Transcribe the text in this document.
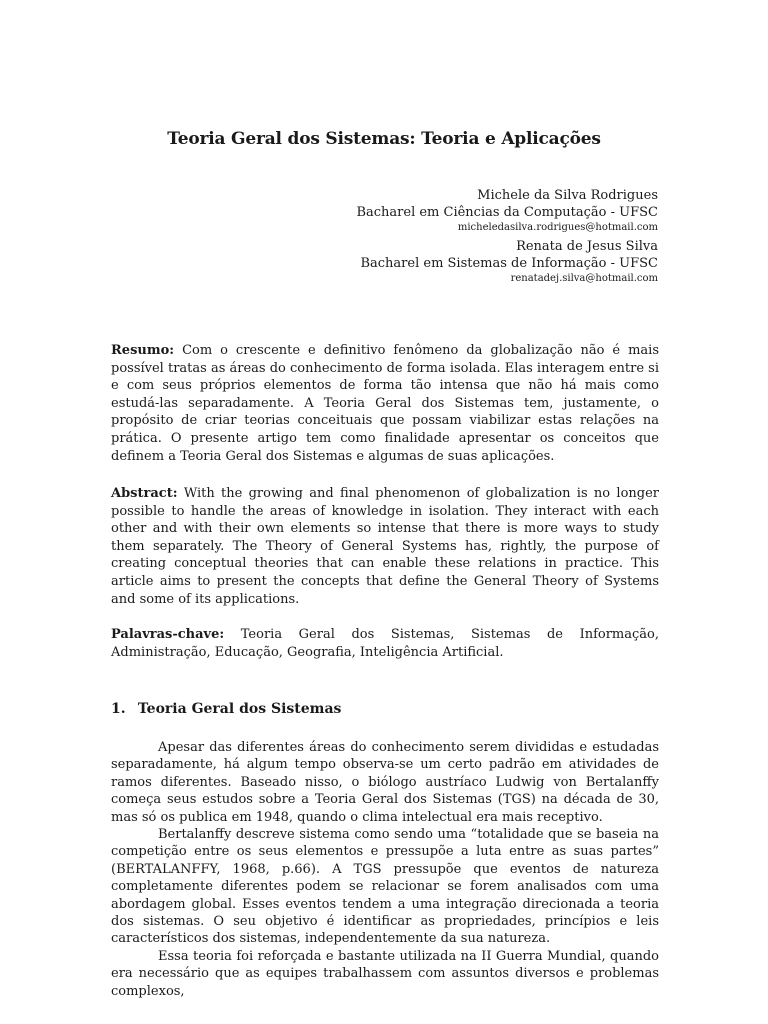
Teoria Geral dos Sistemas: Teoria e Aplicações
Michele da Silva Rodrigues
Bacharel em Ciências da Computação - UFSC
micheledasilva.rodrigues@hotmail.com
Renata de Jesus Silva
Bacharel em Sistemas de Informação - UFSC
renatadej.silva@hotmail.com
Resumo: Com o crescente e definitivo fenômeno da globalização não é mais possível tratas as áreas do conhecimento de forma isolada. Elas interagem entre si e com seus próprios elementos de forma tão intensa que não há mais como estudá-las separadamente. A Teoria Geral dos Sistemas tem, justamente, o propósito de criar teorias conceituais que possam viabilizar estas relações na prática. O presente artigo tem como finalidade apresentar os conceitos que definem a Teoria Geral dos Sistemas e algumas de suas aplicações.
Abstract: With the growing and final phenomenon of globalization is no longer possible to handle the areas of knowledge in isolation. They interact with each other and with their own elements so intense that there is more ways to study them separately. The Theory of General Systems has, rightly, the purpose of creating conceptual theories that can enable these relations in practice. This article aims to present the concepts that define the General Theory of Systems and some of its applications.
Palavras-chave: Teoria Geral dos Sistemas, Sistemas de Informação, Administração, Educação, Geografia, Inteligência Artificial.
1. Teoria Geral dos Sistemas

Apesar das diferentes áreas do conhecimento serem divididas e estudadas separadamente, há algum tempo observa-se um certo padrão em atividades de ramos diferentes. Baseado nisso, o biólogo austríaco Ludwig von Bertalanffy começa seus estudos sobre a Teoria Geral dos Sistemas (TGS) na década de 30, mas só os publica em 1948, quando o clima intelectual era mais receptivo.

Bertalanffy descreve sistema como sendo uma “totalidade que se baseia na competição entre os seus elementos e pressupõe a luta entre as suas partes” (BERTALANFFY, 1968, p.66). A TGS pressupõe que eventos de natureza completamente diferentes podem se relacionar se forem analisados com uma abordagem global. Esses eventos tendem a uma integração direcionada a teoria dos sistemas. O seu objetivo é identificar as propriedades, princípios e leis característicos dos sistemas, independentemente da sua natureza.

Essa teoria foi reforçada e bastante utilizada na II Guerra Mundial, quando era necessário que as equipes trabalhassem com assuntos diversos e problemas complexos,
